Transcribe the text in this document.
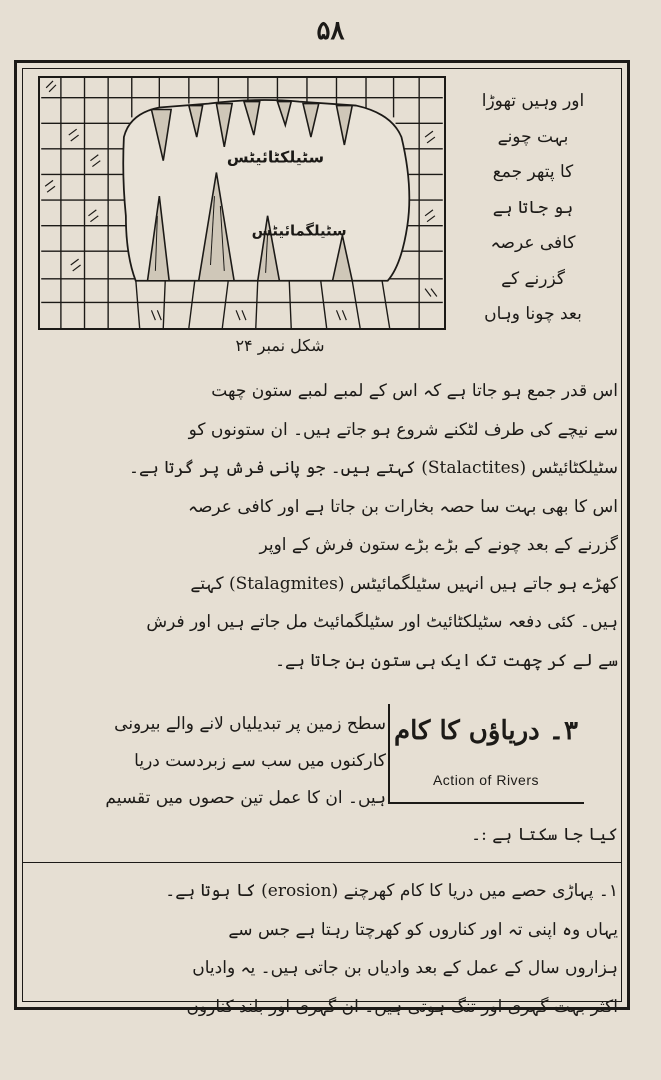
۵۸
سٹیلکٹائیٹس
سٹیلگمائیٹس
اور وہیں تھوڑا
بہت چونے
کا پتھر جمع
ہو جاتا ہے
کافی عرصہ
گزرنے کے
بعد چونا وہاں
شکل نمبر ۲۴
اس قدر جمع ہو جاتا ہے کہ اس کے لمبے لمبے ستون چھت
سے نیچے کی طرف لٹکنے شروع ہو جاتے ہیں۔ ان ستونوں کو
سٹیلکٹائیٹس (Stalactites) کہتے ہیں۔ جو پانی فرش پر گرتا ہے۔
اس کا بھی بہت سا حصہ بخارات بن جاتا ہے اور کافی عرصہ
گزرنے کے بعد چونے کے بڑے بڑے ستون فرش کے اوپر
کھڑے ہو جاتے ہیں انہیں سٹیلگمائیٹس (Stalagmites) کہتے
ہیں۔ کئی دفعہ سٹیلکٹائیٹ اور سٹیلگمائیٹ مل جاتے ہیں اور فرش
سے لے کر چھت تک ایک ہی ستون بن جاتا ہے۔
۳۔ دریاؤں کا کام
Action of Rivers
سطح زمین پر تبدیلیاں لانے والے بیرونی
کارکنوں میں سب سے زبردست دریا
ہیں۔ ان کا عمل تین حصوں میں تقسیم
کیا جا سکتا ہے :۔
۱۔ پہاڑی حصے میں دریا کا کام کھرچنے (erosion) کا ہوتا ہے۔
یہاں وہ اپنی تہ اور کناروں کو کھرچتا رہتا ہے جس سے
ہزاروں سال کے عمل کے بعد وادیاں بن جاتی ہیں۔ یہ وادیاں
اکثر بہت گہری اور تنگ ہوتی ہیں۔ ان گہری اور بلند کناروں
